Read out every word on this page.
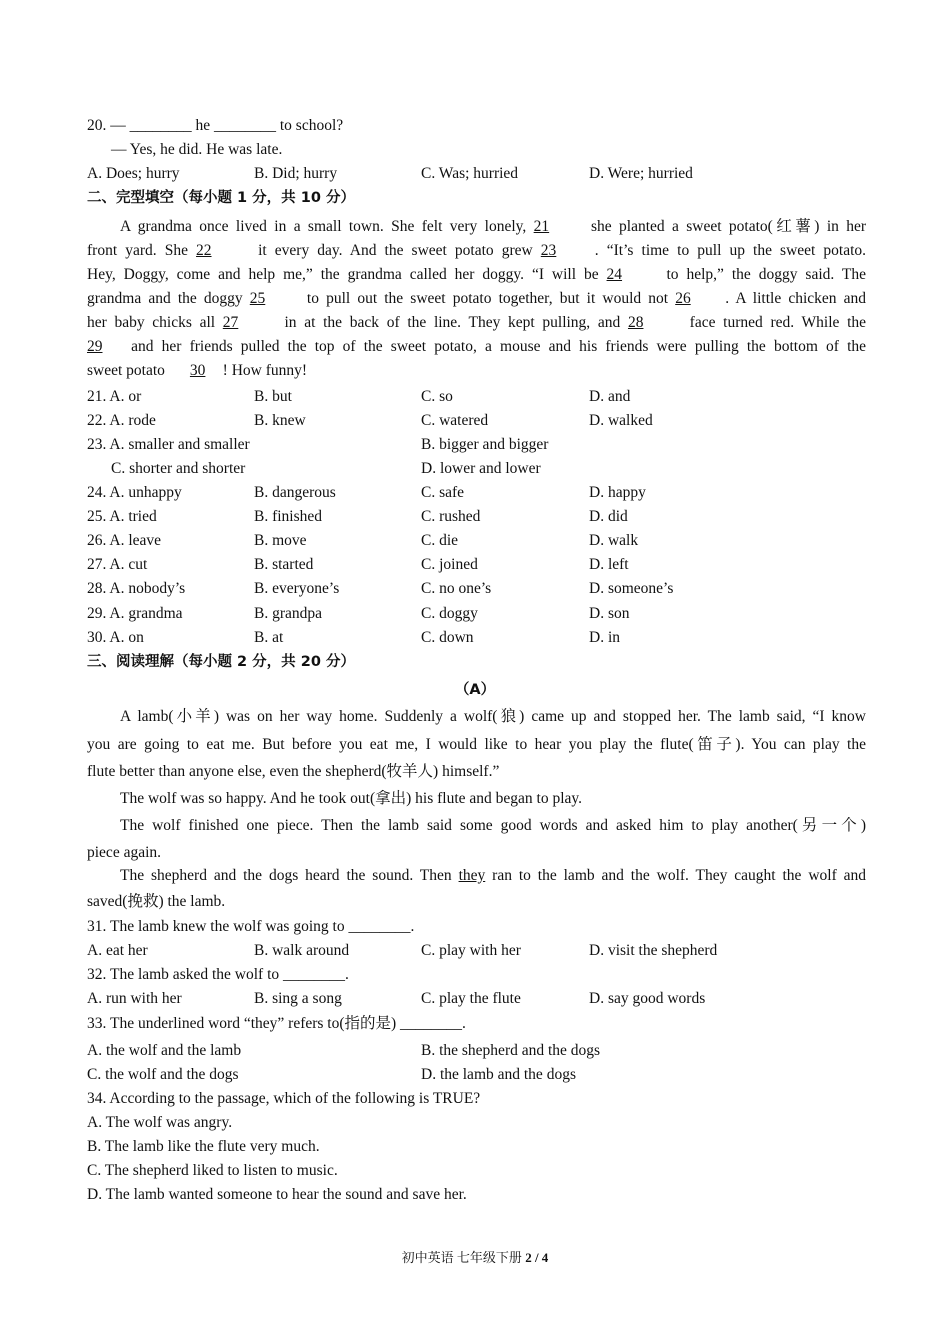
20. — ________ he ________ to school?
— Yes, he did. He was late.
A. Does; hurry	B. Did; hurry	C. Was; hurried	D. Were; hurried
二、完型填空（每小题 1 分，共 10 分）
A grandma once lived in a small town. She felt very lonely, 21	she planted a sweet potato(红薯) in her
front yard. She 22	it every day. And the sweet potato grew 23 . “It’s time to pull up the sweet potato.
Hey, Doggy, come and help me,” the grandma called her doggy. “I will be 24	to help,” the doggy said. The
grandma and the doggy 25	to pull out the sweet potato together, but it would not 26 . A little chicken and
her baby chicks all 27	in at the back of the line. They kept pulling, and 28	face turned red. While the
29 and her friends pulled the top of the sweet potato, a mouse and his friends were pulling the bottom of the
sweet potato 30 ! How funny!
21. A. or	B. but	C. so	D. and
22. A. rode	B. knew	C. watered	D. walked
23. A. smaller and smaller	B. bigger and bigger
C. shorter and shorter	D. lower and lower
24. A. unhappy	B. dangerous	C. safe	D. happy
25. A. tried	B. finished	C. rushed	D. did
26. A. leave	B. move	C. die	D. walk
27. A. cut	B. started	C. joined	D. left
28. A. nobody’s	B. everyone’s	C. no one’s	D. someone’s
29. A. grandma	B. grandpa	C. doggy	D. son
30. A. on	B. at	C. down	D. in
三、阅读理解（每小题 2 分，共 20 分）
（A）
A lamb(小羊) was on her way home. Suddenly a wolf(狼) came up and stopped her. The lamb said, “I know
you are going to eat me. But before you eat me, I would like to hear you play the flute(笛子). You can play the
flute better than anyone else, even the shepherd(牧羊人) himself.”
The wolf was so happy. And he took out(拿出) his flute and began to play.
The wolf finished one piece. Then the lamb said some good words and asked him to play another(另一个)
piece again.
The shepherd and the dogs heard the sound. Then they ran to the lamb and the wolf. They caught the wolf and
saved(挽救) the lamb.
31. The lamb knew the wolf was going to ________.
A. eat her	B. walk around	C. play with her	D. visit the shepherd
32. The lamb asked the wolf to ________.
A. run with her	B. sing a song	C. play the flute	D. say good words
33. The underlined word “they” refers to(指的是) ________.
A. the wolf and the lamb	B. the shepherd and the dogs
C. the wolf and the dogs	D. the lamb and the dogs
34. According to the passage, which of the following is TRUE?
A. The wolf was angry.
B. The lamb like the flute very much.
C. The shepherd liked to listen to music.
D. The lamb wanted someone to hear the sound and save her.
初中英语 七年级下册 2 / 4
